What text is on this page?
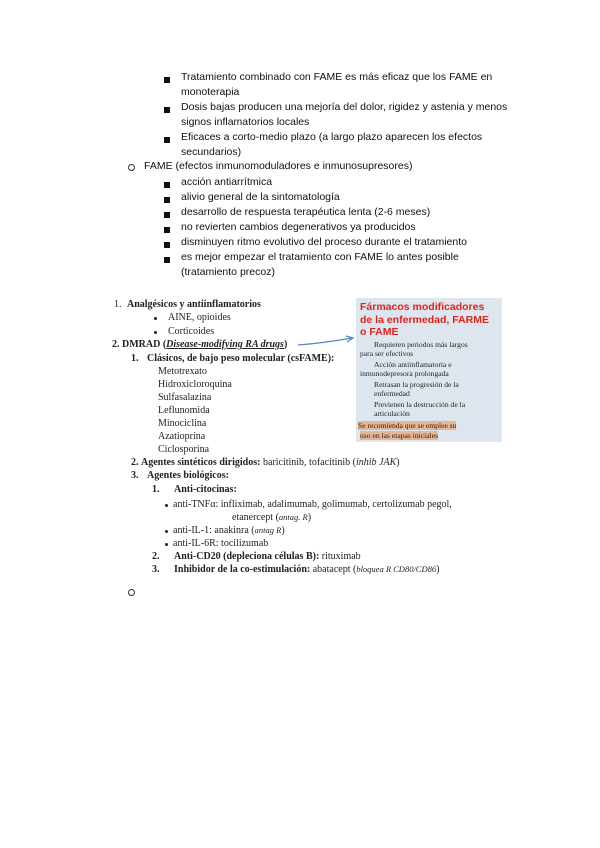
Tratamiento combinado con FAME es más eficaz que los FAME en
monoterapia
Dosis bajas producen una mejoría del dolor, rigidez y astenia y menos
signos inflamatorios locales
Eficaces a corto-medio plazo (a largo plazo aparecen los efectos
secundarios)
FAME (efectos inmunomoduladores e inmunosupresores)
acción antiarrítmica
alivio general de la sintomatología
desarrollo de respuesta terapéutica lenta (2-6 meses)
no revierten cambios degenerativos ya producidos
disminuyen ritmo evolutivo del proceso durante el tratamiento
es mejor empezar el tratamiento con FAME lo antes posible
(tratamiento precoz)
1. Analgésicos y antiinflamatorios
AINE, opioides
Corticoides
2. DMRAD (Disease-modifying RA drugs)
1. Clásicos, de bajo peso molecular (csFAME):
Metotrexato
Hidroxicloroquina
Sulfasalazina
Leflunomida
Minociclina
Azatioprina
Ciclosporina
2. Agentes sintéticos dirigidos: baricitinib, tofacitinib (inhib JAK)
3. Agentes biológicos:
1. Anti-citocinas:
anti-TNFα: infliximab, adalimumab, golimumab, certolizumab pegol,
etanercept (antag. R)
anti-IL-1: anakinra (antag R)
anti-IL-6R: tocilizumab
2. Anti-CD20 (depleciona células B): rituximab
3. Inhibidor de la co-estimulación: abatacept (bloquea R CD80/CD86)
Fármacos modificadores
de la enfermedad, FARME
o FAME
Requieren periodos más largos
para ser efectivos
Acción antiinflamatoria e
inmunodepresora prolongada
Retrasan la progresión de la
enfermedad
Previenen la destrucción de la
articulación
Se recomienda que se emplee su
uso en las etapas iniciales
